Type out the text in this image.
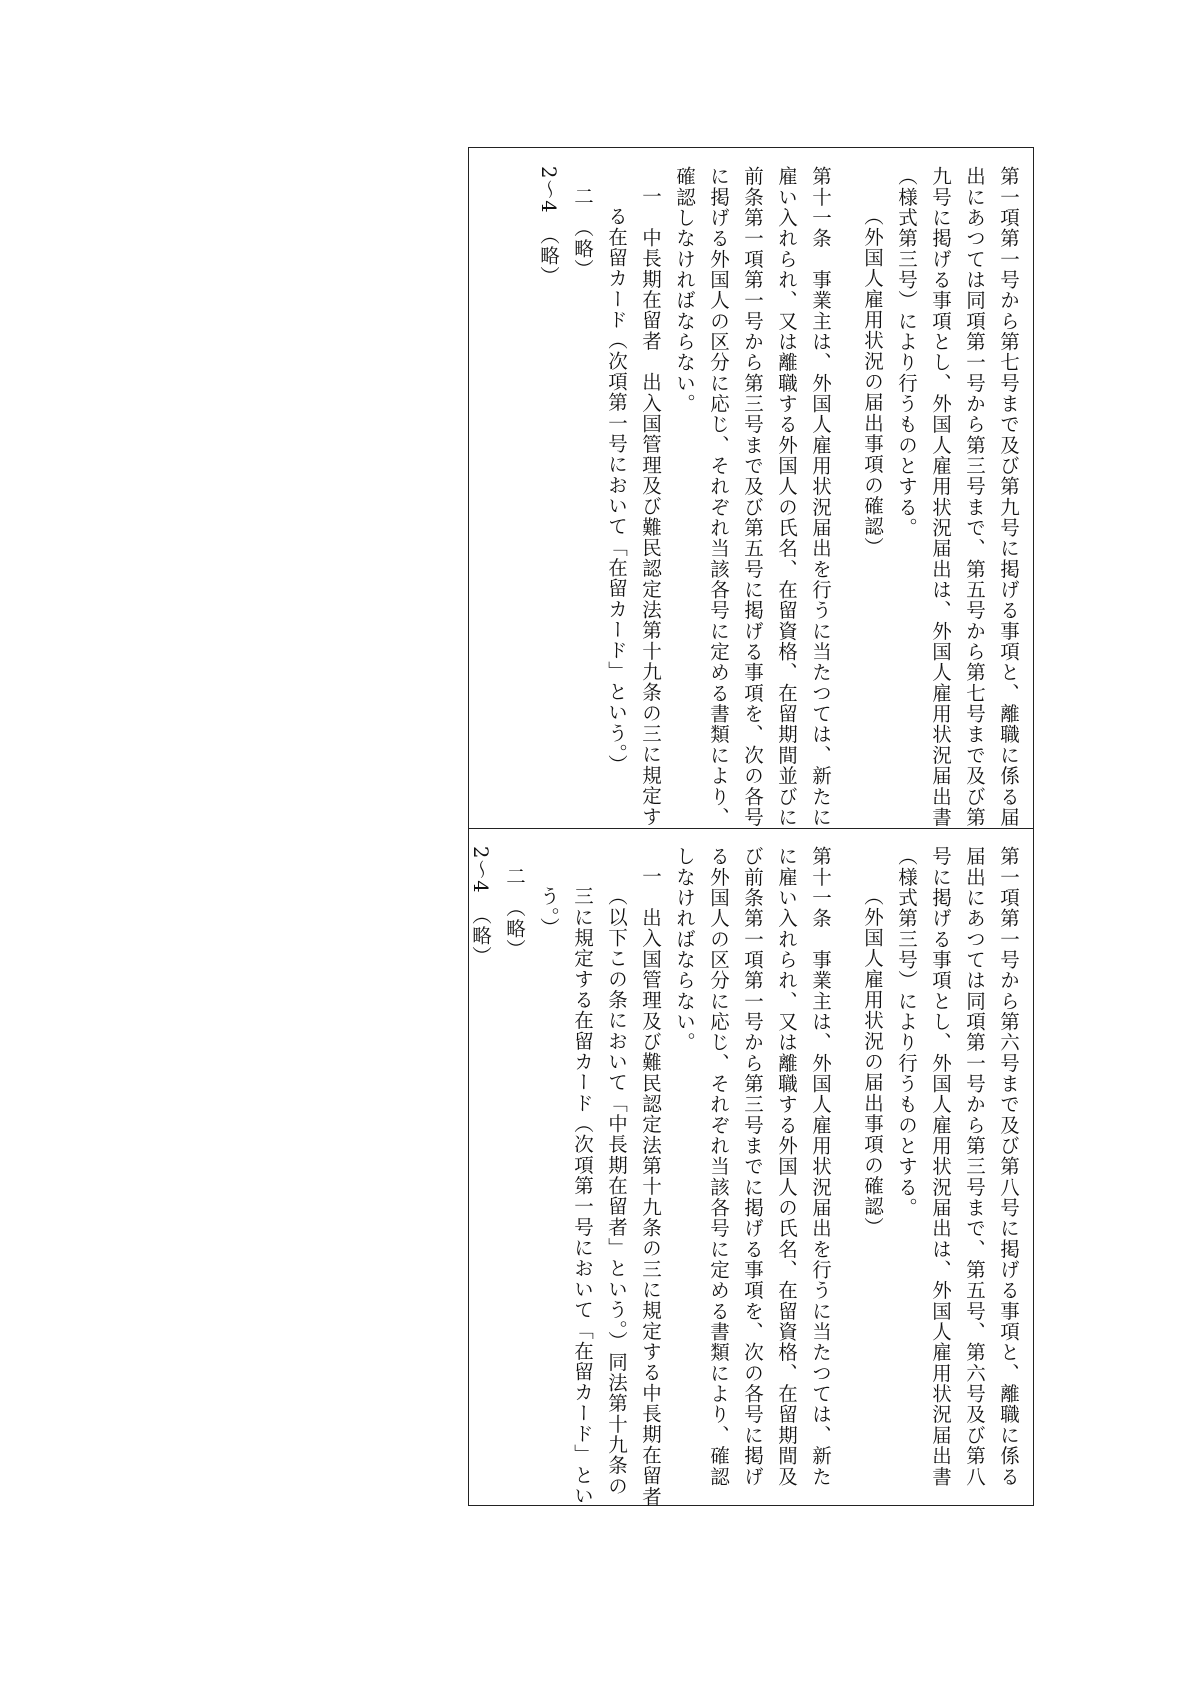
第一項第一号から第七号まで及び第九号に掲げる事項と、離職に係る届出にあつては同項第一号から第三号まで、第五号から第七号まで及び第九号に掲げる事項とし、外国人雇用状況届出は、外国人雇用状況届出書（様式第三号）により行うものとする。

（外国人雇用状況の届出事項の確認）

第十一条　事業主は、外国人雇用状況届出を行うに当たつては、新たに雇い入れられ、又は離職する外国人の氏名、在留資格、在留期間並びに前条第一項第一号から第三号まで及び第五号に掲げる事項を、次の各号に掲げる外国人の区分に応じ、それぞれ当該各号に定める書類により、確認しなければならない。

一　中長期在留者　出入国管理及び難民認定法第十九条の三に規定する在留カード（次項第一号において「在留カード」という。）

二　（略）

2〜4　（略）

第一項第一号から第六号まで及び第八号に掲げる事項と、離職に係る届出にあつては同項第一号から第三号まで、第五号、第六号及び第八号に掲げる事項とし、外国人雇用状況届出は、外国人雇用状況届出書（様式第三号）により行うものとする。

（外国人雇用状況の届出事項の確認）

第十一条　事業主は、外国人雇用状況届出を行うに当たつては、新たに雇い入れられ、又は離職する外国人の氏名、在留資格、在留期間及び前条第一項第一号から第三号までに掲げる事項を、次の各号に掲げる外国人の区分に応じ、それぞれ当該各号に定める書類により、確認しなければならない。

一　出入国管理及び難民認定法第十九条の三に規定する中長期在留者（以下この条において「中長期在留者」という。）同法第十九条の三に規定する在留カード（次項第一号において「在留カード」という。）

二　（略）

2〜4　（略）
